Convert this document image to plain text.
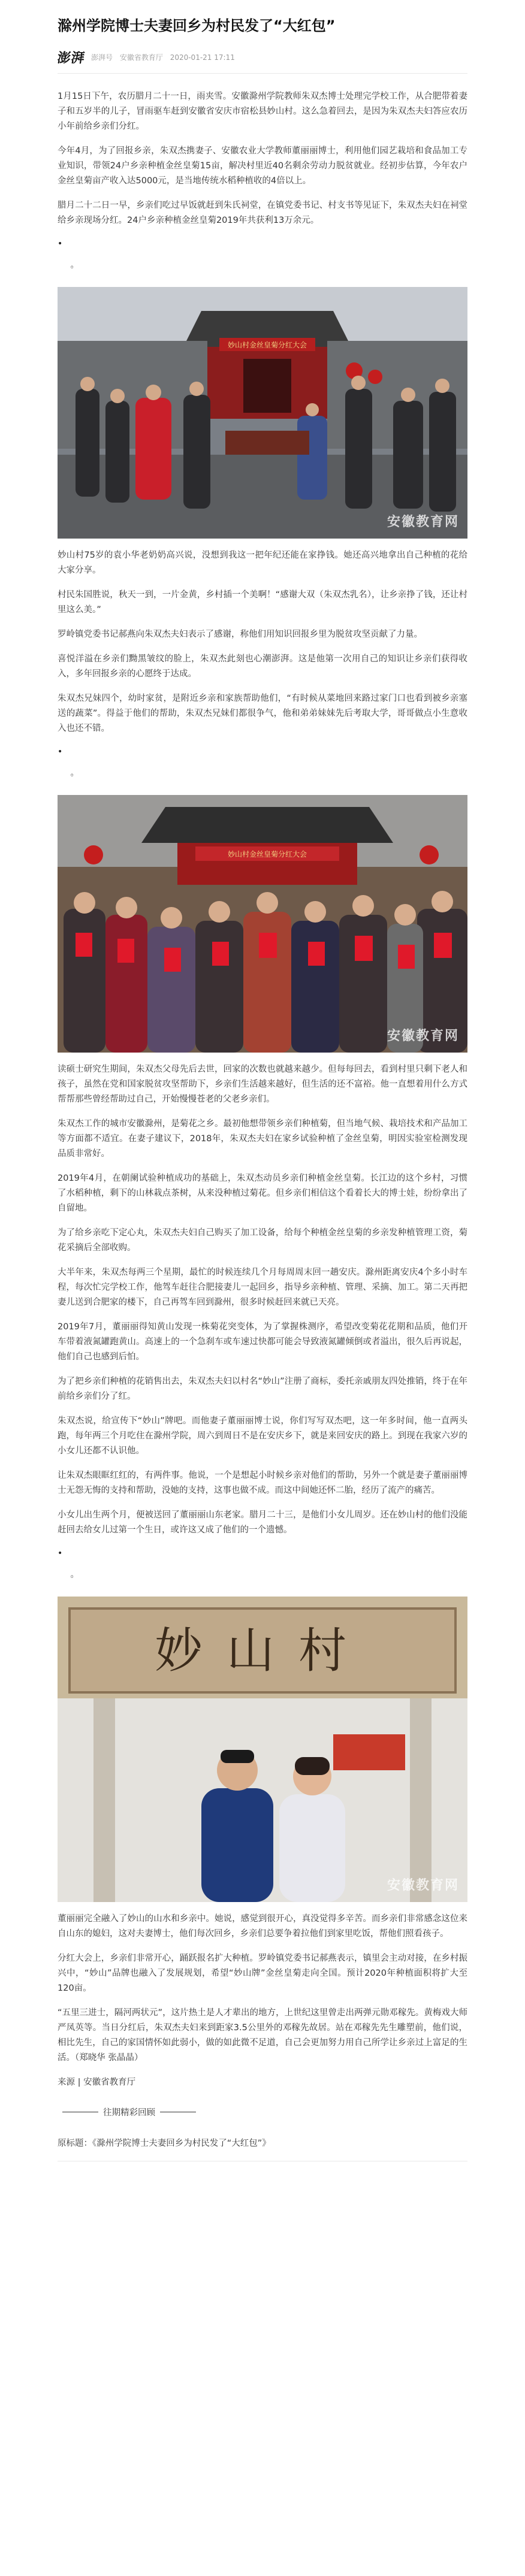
滁州学院博士夫妻回乡为村民发了“大红包”
澎湃 澎湃号 安徽省教育厅 2020-01-21 17:11

1月15日下午，农历腊月二十一日，雨夹雪。安徽滁州学院教师朱双杰博士处理完学校工作，从合肥带着妻子和五岁半的儿子，冒雨驱车赶到安徽省安庆市宿松县妙山村。这么急着回去，是因为朱双杰夫妇答应农历小年前给乡亲们分红。

今年4月，为了回报乡亲，朱双杰携妻子、安徽农业大学教师董丽丽博士，利用他们园艺栽培和食品加工专业知识，带领24户乡亲种植金丝皇菊15亩，解决村里近40名剩余劳动力脱贫就业。经初步估算，今年农户金丝皇菊亩产收入达5000元，是当地传统水稻种植收的4倍以上。

腊月二十二日一早，乡亲们吃过早饭就赶到朱氏祠堂，在镇党委书记、村支书等见证下，朱双杰夫妇在祠堂给乡亲现场分红。24户乡亲种植金丝皇菊2019年共获利13万余元。

•
◦
妙山村金丝皇菊分红大会
安徽教育网

妙山村75岁的袁小华老奶奶高兴说，没想到我这一把年纪还能在家挣钱。她还高兴地拿出自己种植的花给大家分享。

村民朱国胜说，秋天一到，一片金黄，乡村插一个美啊！“感谢大双（朱双杰乳名），让乡亲挣了钱，还让村里这么美。”

罗岭镇党委书记郝燕向朱双杰夫妇表示了感谢，称他们用知识回报乡里为脱贫攻坚贡献了力量。

喜悦洋溢在乡亲们黝黑皱纹的脸上，朱双杰此刻也心潮澎湃。这是他第一次用自己的知识让乡亲们获得收入，多年回报乡亲的心愿终于达成。

朱双杰兄妹四个，幼时家贫，是附近乡亲和家族帮助他们，“有时候从菜地回来路过家门口也看到被乡亲塞送的蔬菜”。得益于他们的帮助，朱双杰兄妹们都很争气，他和弟弟妹妹先后考取大学，哥哥做点小生意收入也还不错。

•
◦
妙山村金丝皇菊分红大会
安徽教育网

读硕士研究生期间，朱双杰父母先后去世，回家的次数也就越来越少。但每每回去，看到村里只剩下老人和孩子，虽然在党和国家脱贫攻坚帮助下，乡亲们生活越来越好，但生活的还不富裕。他一直想着用什么方式帮帮那些曾经帮助过自己，开始慢慢苍老的父老乡亲们。

朱双杰工作的城市安徽滁州，是菊花之乡。最初他想带领乡亲们种植菊，但当地气候、栽培技术和产品加工等方面都不适宜。在妻子建议下，2018年，朱双杰夫妇在家乡试验种植了金丝皇菊，明因实验室检测发现品质非常好。

2019年4月，在朝阑试验种植成功的基础上，朱双杰动员乡亲们种植金丝皇菊。长江边的这个乡村，习惯了水稻种植，剩下的山林栽点茶树，从来没种植过菊花。但乡亲们相信这个看着长大的博士娃，纷纷拿出了自留地。

为了给乡亲吃下定心丸，朱双杰夫妇自己购买了加工设备，给每个种植金丝皇菊的乡亲发种植管理工资，菊花采摘后全部收购。

大半年来，朱双杰每两三个星期，最忙的时候连续几个月每周周末回一趟安庆。滁州距离安庆4个多小时车程，每次忙完学校工作，他驾车赶往合肥接妻儿一起回乡，指导乡亲种植、管理、采摘、加工。第二天再把妻儿送到合肥家的楼下，自己再驾车回到滁州，很多时候赶回来就已天亮。

2019年7月，董丽丽得知黄山发现一株菊花突变体，为了掌握株测序，希望改变菊花花期和品质，他们开车带着液氮罐跑黄山。高速上的一个急刹车或车速过快都可能会导致液氮罐倾倒或者溢出，很久后再说起，他们自己也感到后怕。

为了把乡亲们种植的花销售出去，朱双杰夫妇以村名“妙山”注册了商标，委托亲戚朋友四处推销，终于在年前给乡亲们分了红。

朱双杰说，给宣传下“妙山”牌吧。而他妻子董丽丽博士说，你们写写双杰吧，这一年多时间，他一直两头跑，每年两三个月吃住在滁州学院，周六到周日不是在安庆乡下，就是来回安庆的路上。到现在我家六岁的小女儿还都不认识他。

让朱双杰眼眶红红的，有两件事。他说，一个是想起小时候乡亲对他们的帮助，另外一个就是妻子董丽丽博士无怨无悔的支持和帮助，没她的支持，这事也做不成。而这中间她还怀二胎，经历了流产的痛苦。

小女儿出生两个月，便被送回了董丽丽山东老家。腊月二十三，是他们小女儿周岁。还在妙山村的他们没能赶回去给女儿过第一个生日，或许这又成了他们的一个遗憾。

•
◦
妙山村
安徽教育网

董丽丽完全融入了妙山的山水和乡亲中。她说，感觉到很开心，真没觉得多辛苦。而乡亲们非常感念这位来自山东的媳妇，这对夫妻博士，他们每次回乡，乡亲们总要争着拉他们到家里吃饭，帮他们照看孩子。

分红大会上，乡亲们非常开心，踊跃报名扩大种植。罗岭镇党委书记郝燕表示，镇里会主动对接，在乡村振兴中，“妙山”品牌也融入了发展规划，希望“妙山牌”金丝皇菊走向全国。预计2020年种植面积将扩大至120亩。

“五里三进士，隔河两状元”，这片热土是人才辈出的地方，上世纪这里曾走出两弹元勋邓稼先。黄梅戏大师严凤英等。当日分红后，朱双杰夫妇来到距家3.5公里外的邓稼先故居。站在邓稼先先生雕塑前，他们说，相比先生，自己的家国情怀如此弱小，做的如此微不足道，自己会更加努力用自己所学让乡亲过上富足的生活。（郑晓华 张晶晶）

来源 | 安徽省教育厅

往期精彩回顾
原标题：《滁州学院博士夫妻回乡为村民发了“大红包”》
